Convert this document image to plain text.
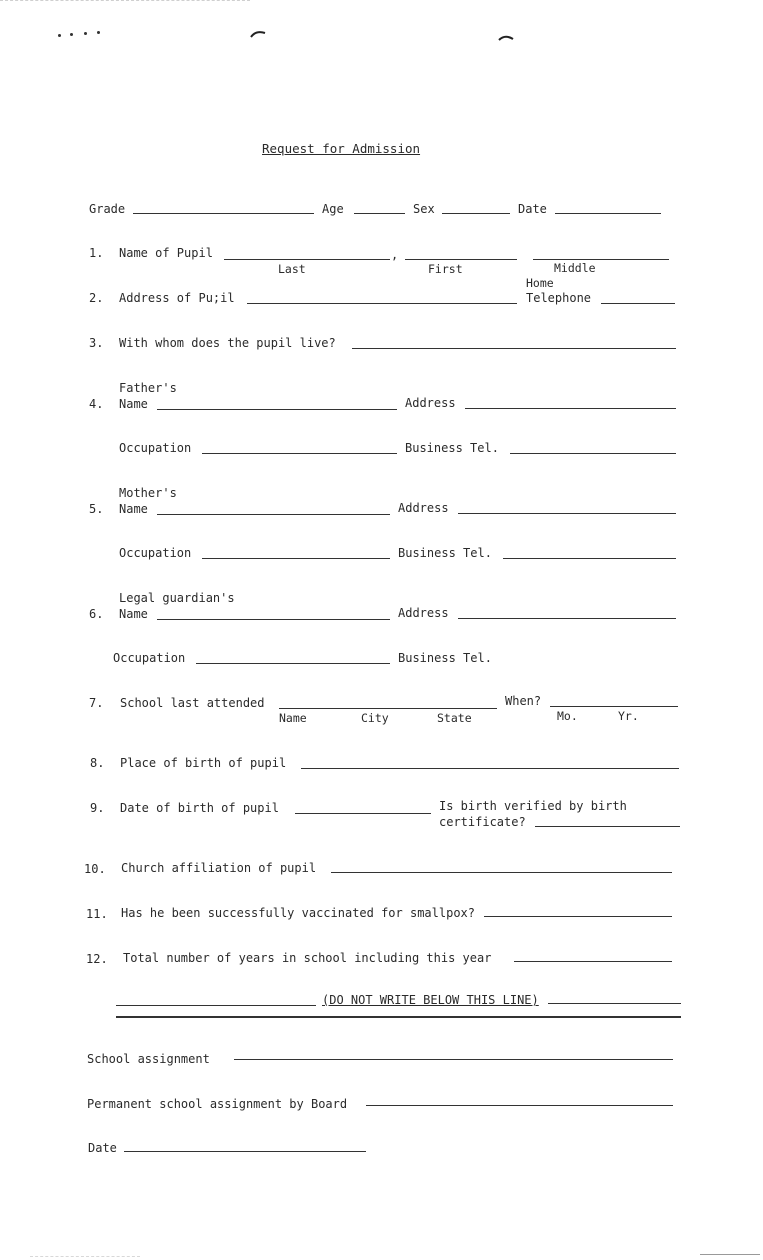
Request for Admission
Grade	Age	Sex	Date
1. Name of Pupil	,
Last	First	Middle
2. Address of Pu;il
Home
Telephone
3. With whom does the pupil live?
Father's
4. Name	Address
Occupation	Business Tel.
Mother's
5. Name	Address
Occupation	Business Tel.
Legal guardian's
6. Name	Address
Occupation	Business Tel.
7. School last attended	When?
Name	City	State	Mo.	Yr.
8. Place of birth of pupil
9. Date of birth of pupil	Is birth verified by birth
certificate?
10. Church affiliation of pupil
11. Has he been successfully vaccinated for smallpox?
12. Total number of years in school including this year
(DO NOT WRITE BELOW THIS LINE)
School assignment
Permanent school assignment by Board
Date
